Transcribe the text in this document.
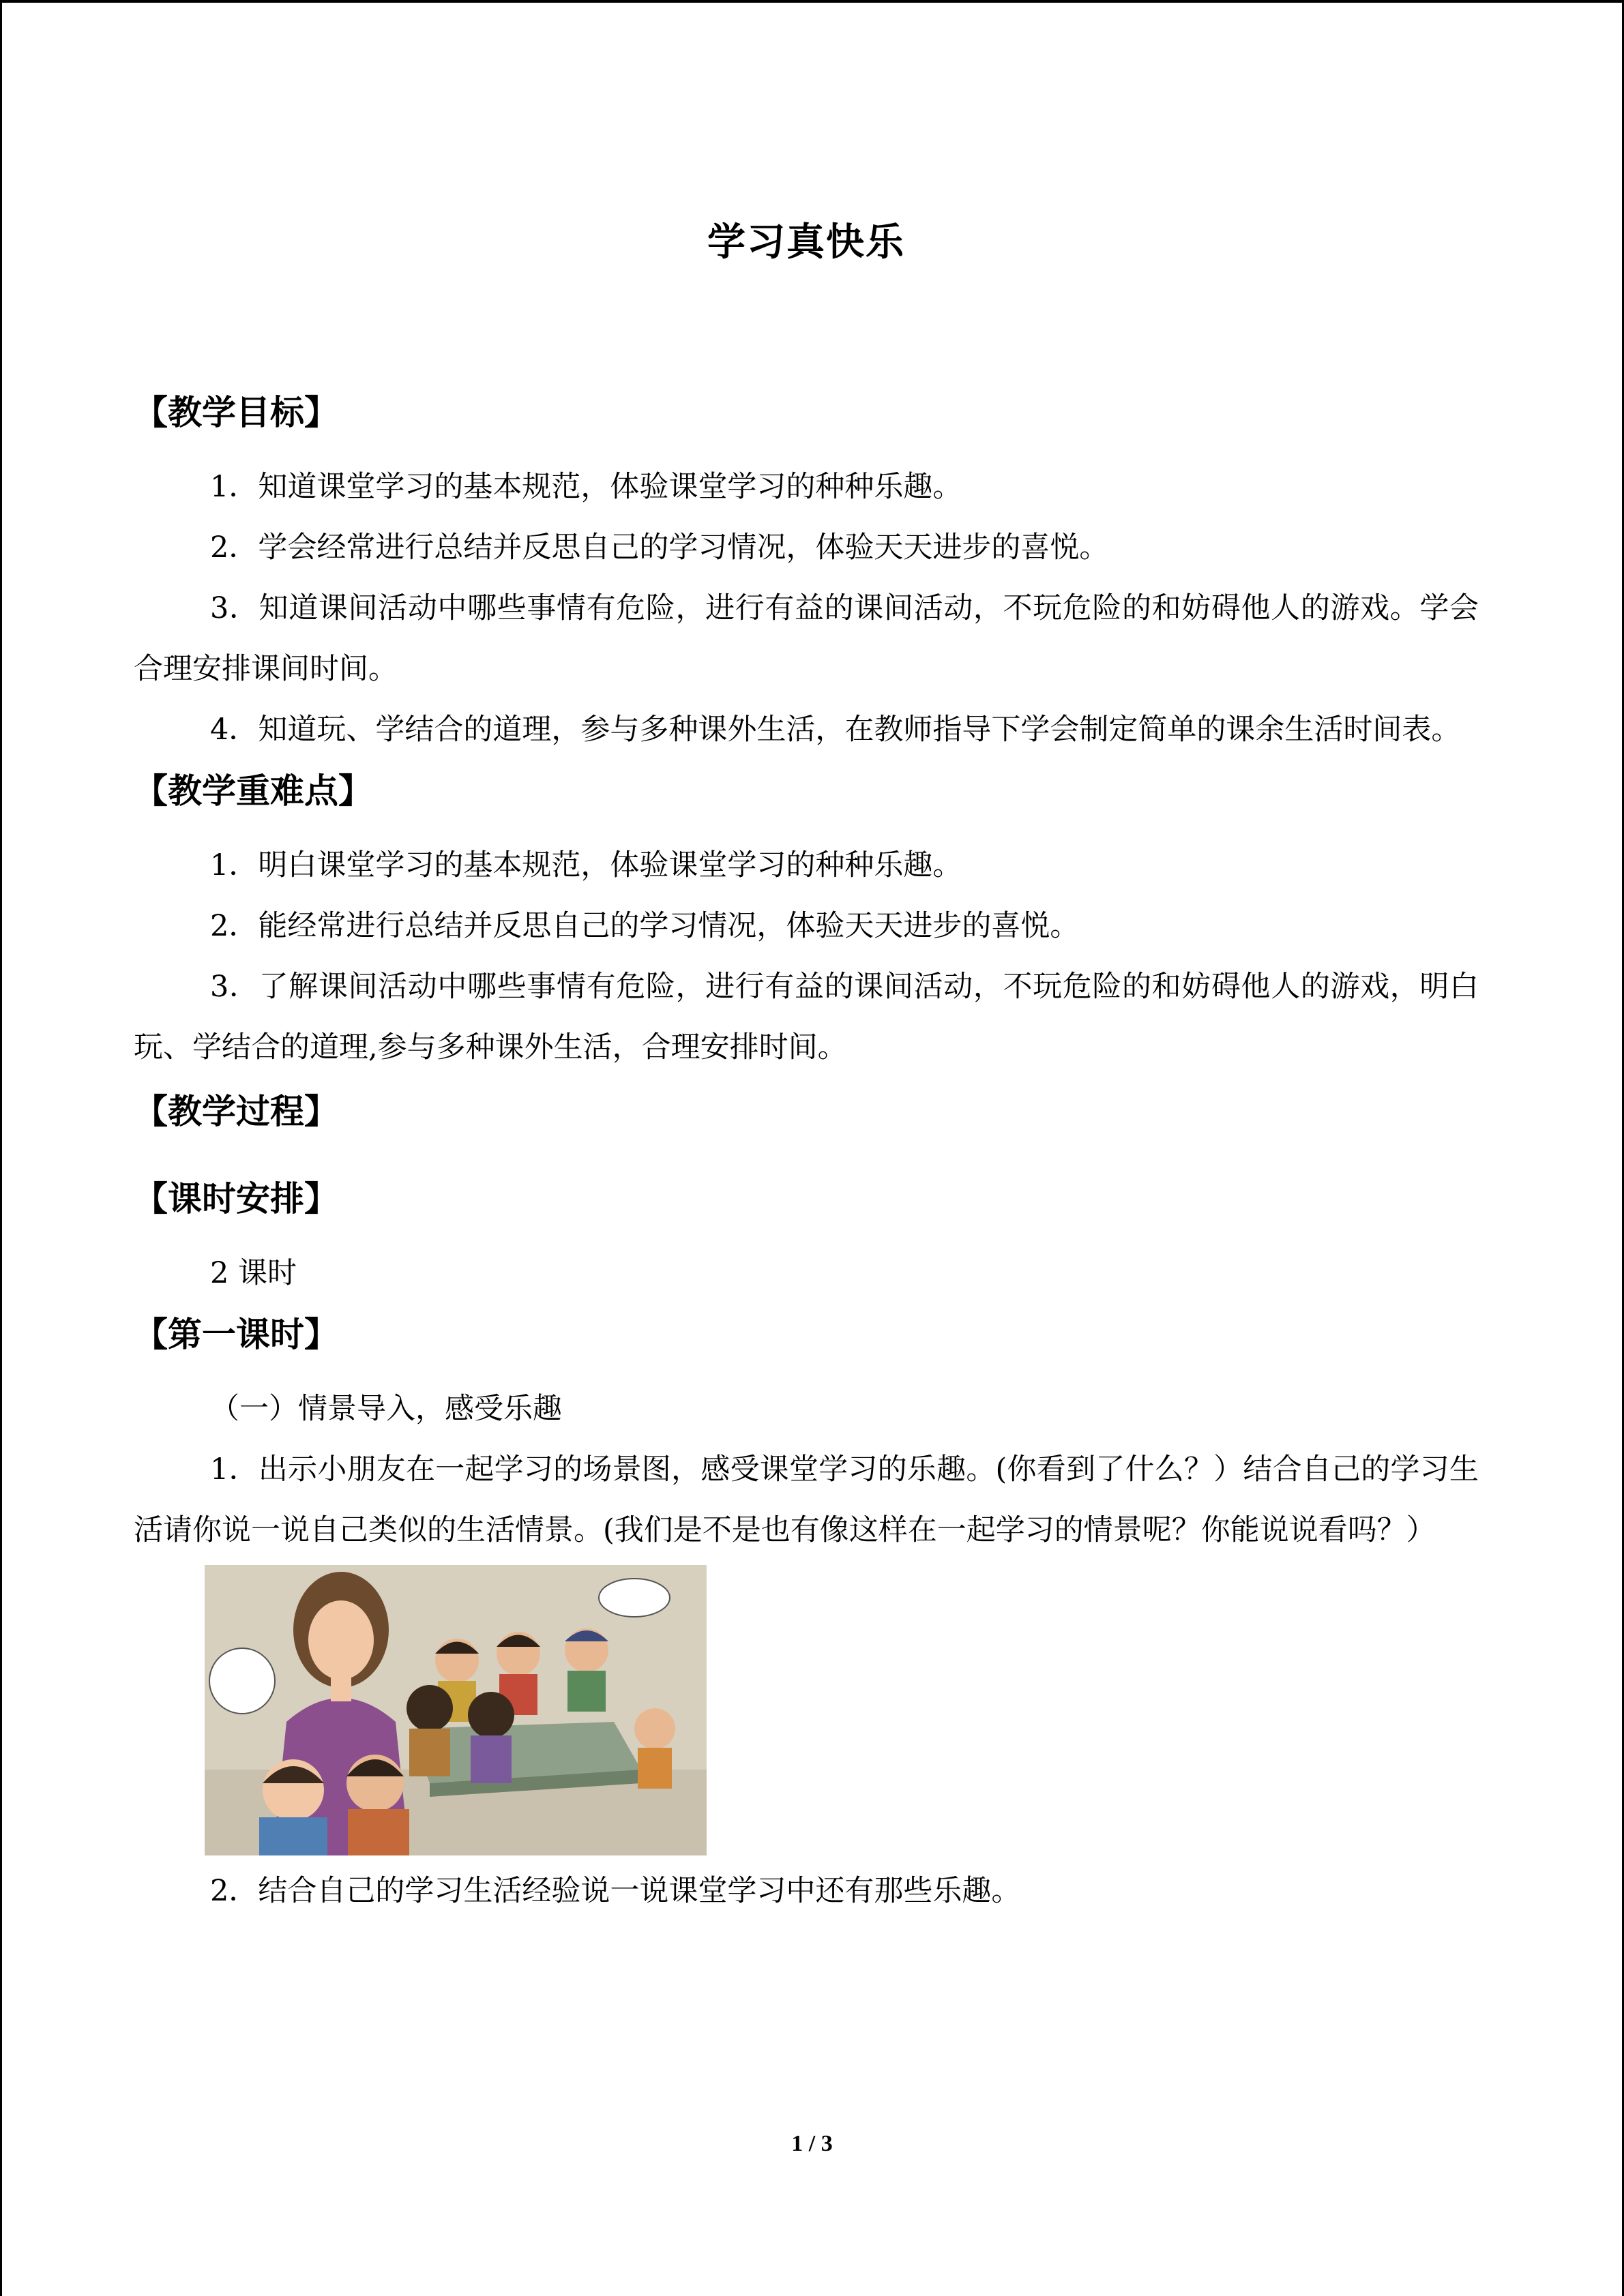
学习真快乐
【教学目标】

1．知道课堂学习的基本规范，体验课堂学习的种种乐趣。

2．学会经常进行总结并反思自己的学习情况，体验天天进步的喜悦。

3．知道课间活动中哪些事情有危险，进行有益的课间活动，不玩危险的和妨碍他人的游戏。学会合理安排课间时间。

4．知道玩、学结合的道理，参与多种课外生活，在教师指导下学会制定简单的课余生活时间表。

【教学重难点】

1．明白课堂学习的基本规范，体验课堂学习的种种乐趣。

2．能经常进行总结并反思自己的学习情况，体验天天进步的喜悦。

3．了解课间活动中哪些事情有危险，进行有益的课间活动，不玩危险的和妨碍他人的游戏，明白玩、学结合的道理,参与多种课外生活，合理安排时间。

【教学过程】
【课时安排】

2 课时

【第一课时】

（一）情景导入，感受乐趣

1．出示小朋友在一起学习的场景图，感受课堂学习的乐趣。(你看到了什么？）结合自己的学习生活请你说一说自己类似的生活情景。(我们是不是也有像这样在一起学习的情景呢？你能说说看吗？）

2．结合自己的学习生活经验说一说课堂学习中还有那些乐趣。

1 / 3
